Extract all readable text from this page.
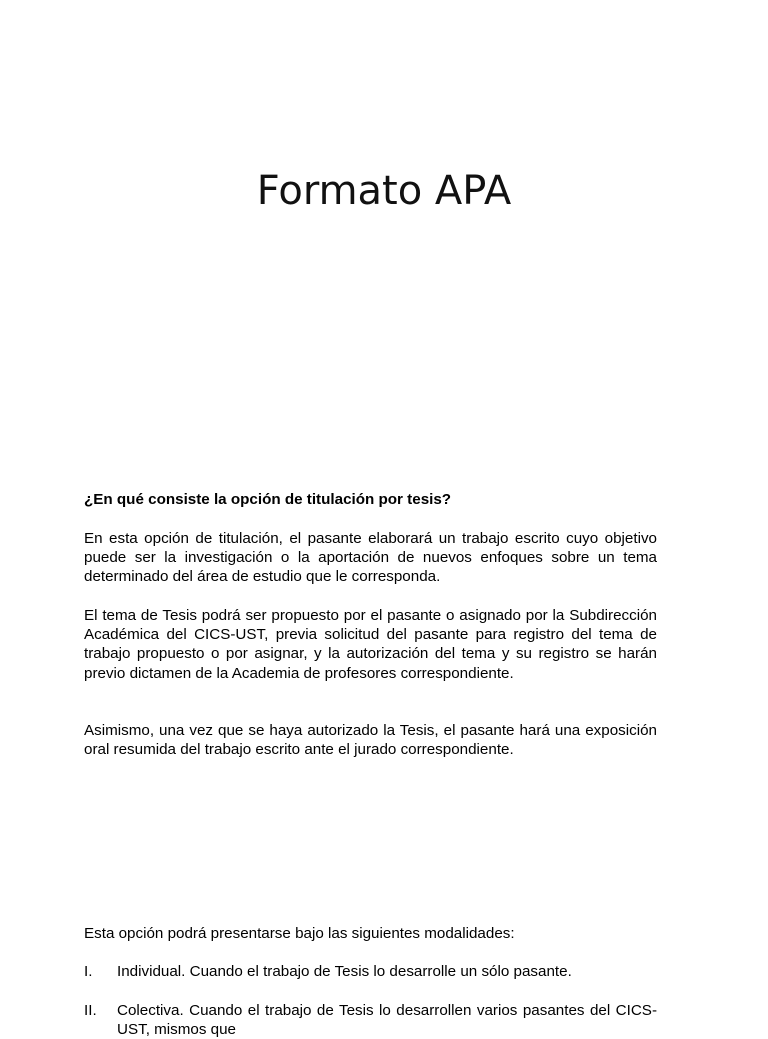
Formato APA

¿En qué consiste la opción de titulación por tesis?

En esta opción de titulación, el pasante elaborará un trabajo escrito cuyo objetivo puede ser la investigación o la aportación de nuevos enfoques sobre un tema determinado del área de estudio que le corresponda.

El tema de Tesis podrá ser propuesto por el pasante o asignado por la Subdirección Académica del CICS-UST, previa solicitud del pasante para registro del tema de trabajo propuesto o por asignar, y la autorización del tema y su registro se harán previo dictamen de la Academia de profesores correspondiente.

Asimismo, una vez que se haya autorizado la Tesis, el pasante hará una exposición oral resumida del trabajo escrito ante el jurado correspondiente.

Esta opción podrá presentarse bajo las siguientes modalidades:

I.	Individual. Cuando el trabajo de Tesis lo desarrolle un sólo pasante.
II.	Colectiva. Cuando el trabajo de Tesis lo desarrollen varios pasantes del CICS-UST, mismos que
